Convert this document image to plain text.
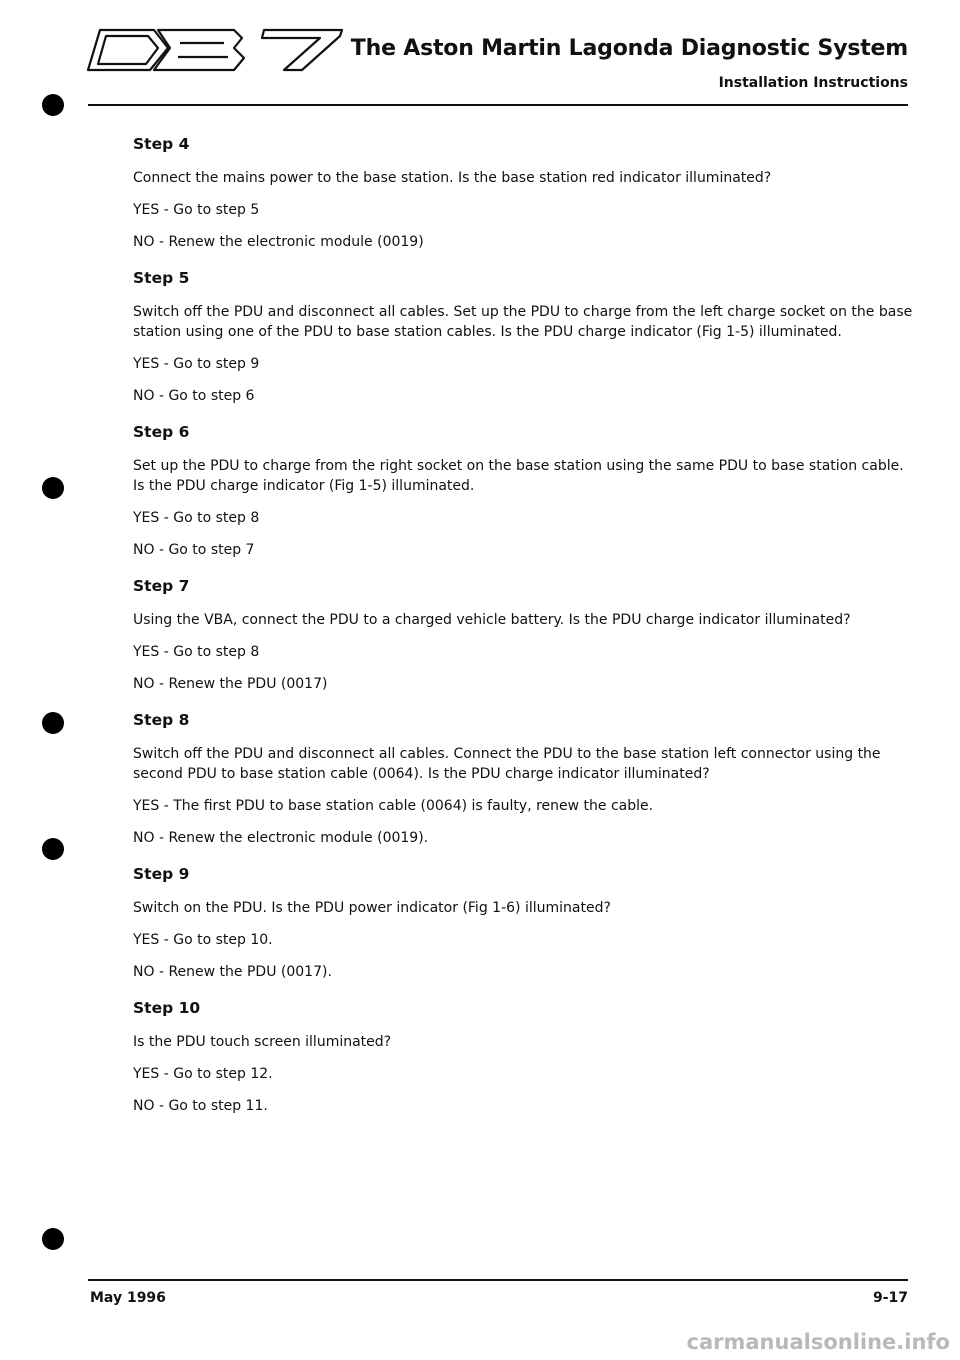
The Aston Martin Lagonda Diagnostic System
Installation Instructions
Step 4

Connect the mains power to the base station. Is the base station red indicator illuminated?

YES - Go to step 5

NO - Renew the electronic module (0019)

Step 5

Switch off the PDU and disconnect all cables. Set up the PDU to charge from the left charge socket on the base station using one of the PDU to base station cables. Is the PDU charge indicator (Fig 1-5) illuminated.

YES - Go to step 9

NO - Go to step 6

Step 6

Set up the PDU to charge from the right socket on the base station using the same PDU to base station cable. Is the PDU charge indicator (Fig 1-5) illuminated.

YES - Go to step 8

NO - Go to step 7

Step 7

Using the VBA, connect the PDU to a charged vehicle battery. Is the PDU charge indicator illuminated?

YES - Go to step 8

NO - Renew the PDU (0017)

Step 8

Switch off the PDU and disconnect all cables. Connect the PDU to the base station left connector using the second PDU to base station cable (0064). Is the PDU charge indicator illuminated?

YES - The first PDU to base station cable (0064) is faulty, renew the cable.

NO - Renew the electronic module (0019).

Step 9

Switch on the PDU. Is the PDU power indicator (Fig 1-6) illuminated?

YES - Go to step 10.

NO - Renew the PDU (0017).

Step 10

Is the PDU touch screen illuminated?

YES - Go to step 12.

NO - Go to step 11.

May 1996	9-17
carmanualsonline.info
